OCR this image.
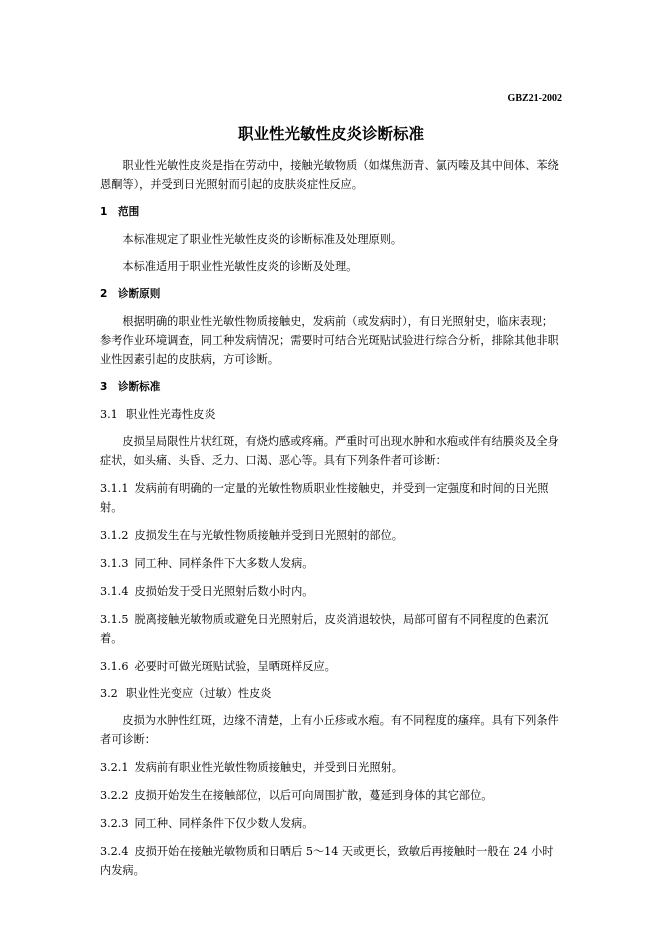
GBZ21-2002
职业性光敏性皮炎诊断标准

职业性光敏性皮炎是指在劳动中，接触光敏物质（如煤焦沥青、氯丙嗪及其中间体、苯绕恩酮等），并受到日光照射而引起的皮肤炎症性反应。

1 范围

本标准规定了职业性光敏性皮炎的诊断标准及处理原则。

本标准适用于职业性光敏性皮炎的诊断及处理。

2 诊断原则

根据明确的职业性光敏性物质接触史，发病前（或发病时），有日光照射史，临床表现；参考作业环境调查，同工种发病情况；需要时可结合光斑贴试验进行综合分析，排除其他非职业性因素引起的皮肤病，方可诊断。

3 诊断标准

3.1 职业性光毒性皮炎

皮损呈局限性片状红斑，有烧灼感或疼痛。严重时可出现水肿和水疱或伴有结膜炎及全身症状，如头痛、头昏、乏力、口渴、恶心等。具有下列条件者可诊断：

3.1.1 发病前有明确的一定量的光敏性物质职业性接触史，并受到一定强度和时间的日光照射。

3.1.2 皮损发生在与光敏性物质接触并受到日光照射的部位。

3.1.3 同工种、同样条件下大多数人发病。

3.1.4 皮损始发于受日光照射后数小时内。

3.1.5 脱离接触光敏物质或避免日光照射后，皮炎消退较快，局部可留有不同程度的色素沉着。

3.1.6 必要时可做光斑贴试验，呈晒斑样反应。

3.2 职业性光变应（过敏）性皮炎

皮损为水肿性红斑，边缘不清楚，上有小丘疹或水疱。有不同程度的瘙痒。具有下列条件者可诊断：

3.2.1 发病前有职业性光敏性物质接触史，并受到日光照射。

3.2.2 皮损开始发生在接触部位，以后可向周围扩散，蔓延到身体的其它部位。

3.2.3 同工种、同样条件下仅少数人发病。

3.2.4 皮损开始在接触光敏物质和日晒后 5～14 天或更长，致敏后再接触时一般在 24 小时内发病。
